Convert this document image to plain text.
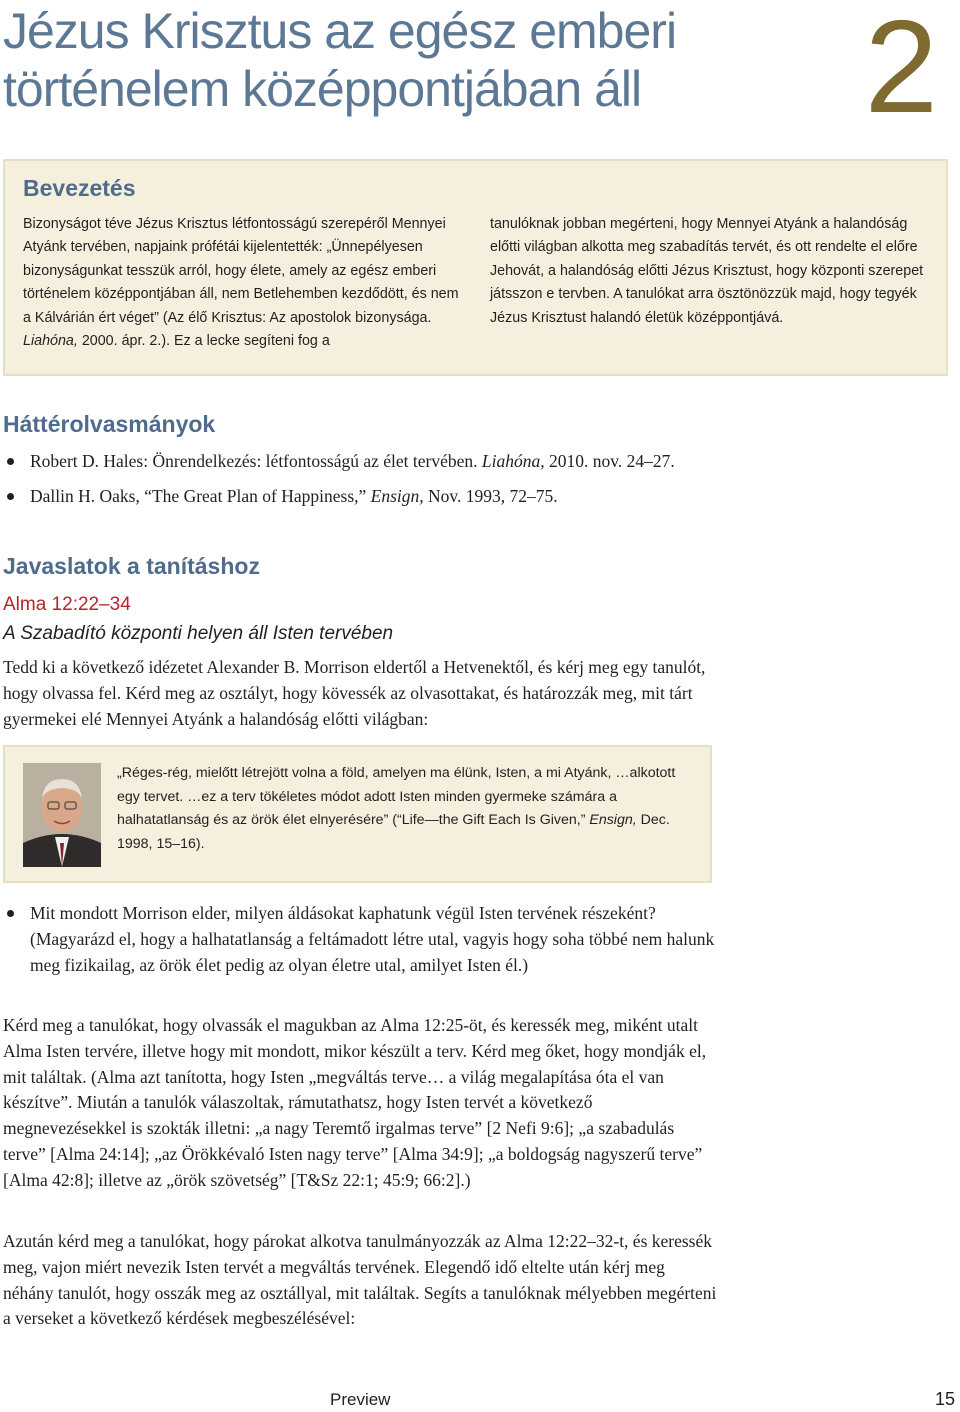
Jézus Krisztus az egész emberi
történelem középpontjában áll	2
Bevezetés
Bizonyságot téve Jézus Krisztus létfontosságú szerepéről Mennyei Atyánk tervében, napjaink prófétái kijelentették: „Ünnepélyesen bizonyságunkat tesszük arról, hogy élete, amely az egész emberi történelem középpontjában áll, nem Betlehemben kezdődött, és nem a Kálvárián ért véget” (Az élő Krisztus: Az apostolok bizonysága. Liahóna, 2000. ápr. 2.). Ez a lecke segíteni fog a
tanulóknak jobban megérteni, hogy Mennyei Atyánk a halandóság előtti világban alkotta meg szabadítás tervét, és ott rendelte el előre Jehovát, a halandóság előtti Jézus Krisztust, hogy központi szerepet játsszon e tervben. A tanulókat arra ösztönözzük majd, hogy tegyék Jézus Krisztust halandó életük középpontjává.
Háttérolvasmányok
Robert D. Hales: Önrendelkezés: létfontosságú az élet tervében. Liahóna, 2010. nov. 24–27.
Dallin H. Oaks, “The Great Plan of Happiness,” Ensign, Nov. 1993, 72–75.
Javaslatok a tanításhoz
Alma 12:22–34
A Szabadító központi helyen áll Isten tervében

Tedd ki a következő idézetet Alexander B. Morrison eldertől a Hetvenektől, és kérj meg egy tanulót, hogy olvassa fel. Kérd meg az osztályt, hogy kövessék az olvasottakat, és határozzák meg, mit tárt gyermekei elé Mennyei Atyánk a halandóság előtti világban:

„Réges-rég, mielőtt létrejött volna a föld, amelyen ma élünk, Isten, a mi Atyánk, …alkotott egy tervet. …ez a terv tökéletes módot adott Isten minden gyermeke számára a halhatatlanság és az örök élet elnyerésére” (“Life—the Gift Each Is Given,” Ensign, Dec. 1998, 15–16).
Mit mondott Morrison elder, milyen áldásokat kaphatunk végül Isten tervének részeként? (Magyarázd el, hogy a halhatatlanság a feltámadott létre utal, vagyis hogy soha többé nem halunk meg fizikailag, az örök élet pedig az olyan életre utal, amilyet Isten él.)

Kérd meg a tanulókat, hogy olvassák el magukban az Alma 12:25-öt, és keressék meg, miként utalt Alma Isten tervére, illetve hogy mit mondott, mikor készült a terv. Kérd meg őket, hogy mondják el, mit találtak. (Alma azt tanította, hogy Isten „megváltás terve… a világ megalapítása óta el van készítve”. Miután a tanulók válaszoltak, rámutathatsz, hogy Isten tervét a következő megnevezésekkel is szokták illetni: „a nagy Teremtő irgalmas terve” [2 Nefi 9:6]; „a szabadulás terve” [Alma 24:14]; „az Örökkévaló Isten nagy terve” [Alma 34:9]; „a boldogság nagyszerű terve” [Alma 42:8]; illetve az „örök szövetség” [T&Sz 22:1; 45:9; 66:2].)

Azután kérd meg a tanulókat, hogy párokat alkotva tanulmányozzák az Alma 12:22–32-t, és keressék meg, vajon miért nevezik Isten tervét a megváltás tervének. Elegendő idő eltelte után kérj meg néhány tanulót, hogy osszák meg az osztállyal, mit találtak. Segíts a tanulóknak mélyebben megérteni a verseket a következő kérdések megbeszélésével:

Preview	15
